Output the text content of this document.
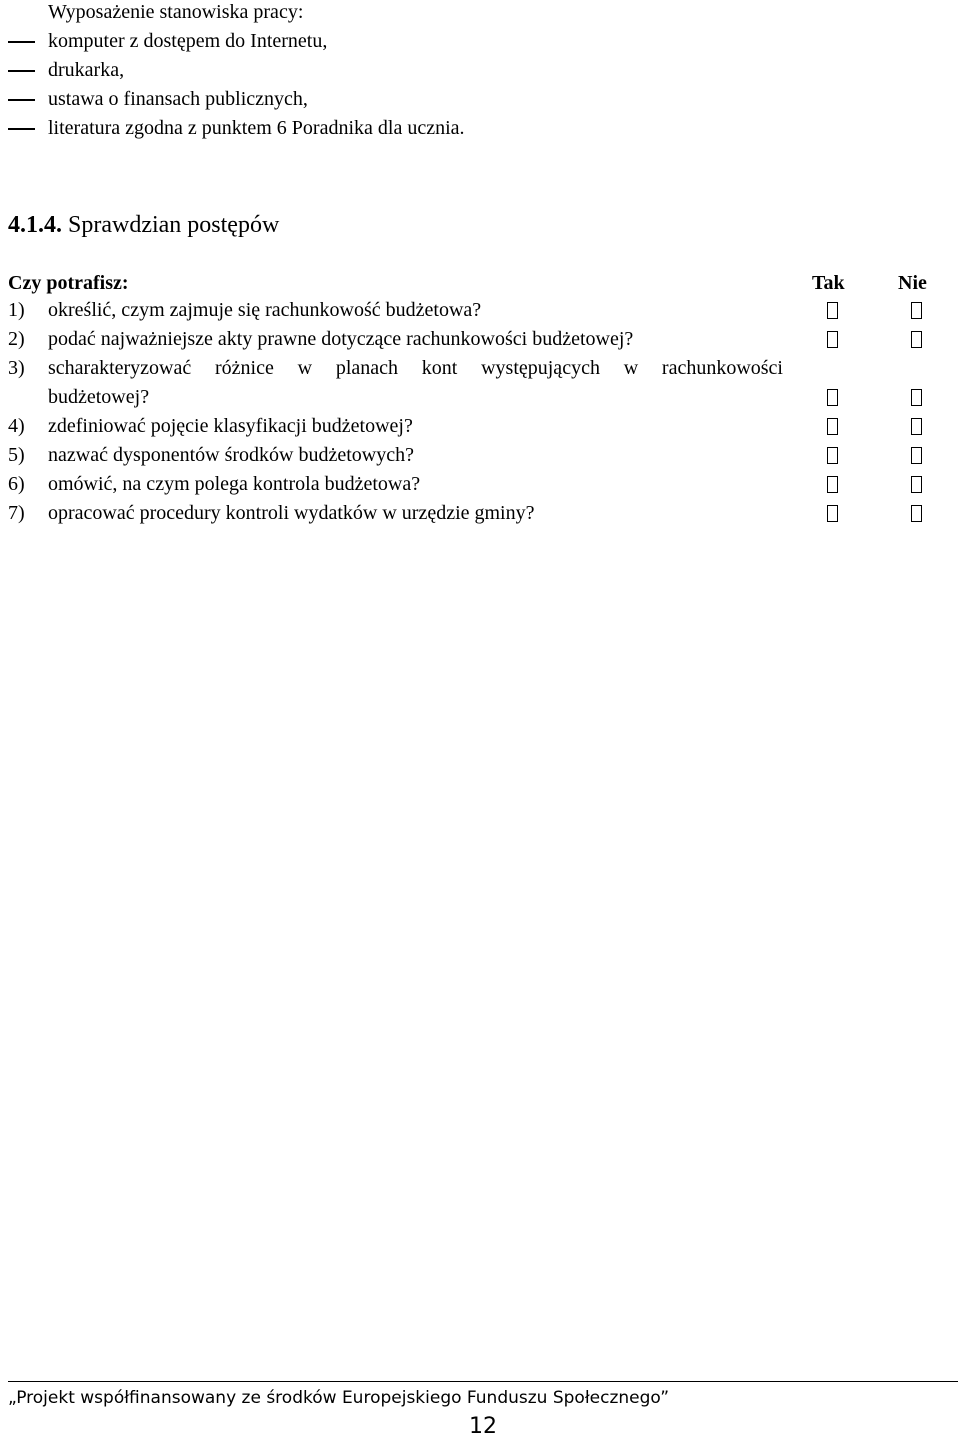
Wyposażenie stanowiska pracy:
komputer z dostępem do Internetu,
drukarka,
ustawa o finansach publicznych,
literatura zgodna z punktem 6 Poradnika dla ucznia.
4.1.4. Sprawdzian postępów
Czy potrafisz:	Tak	Nie
1) określić, czym zajmuje się rachunkowość budżetowa?
2) podać najważniejsze akty prawne dotyczące rachunkowości budżetowej?
3) scharakteryzować różnice w planach kont występujących w rachunkowości
budżetowej?
4) zdefiniować pojęcie klasyfikacji budżetowej?
5) nazwać dysponentów środków budżetowych?
6) omówić, na czym polega kontrola budżetowa?
7) opracować procedury kontroli wydatków w urzędzie gminy?
„Projekt współfinansowany ze środków Europejskiego Funduszu Społecznego”
12
